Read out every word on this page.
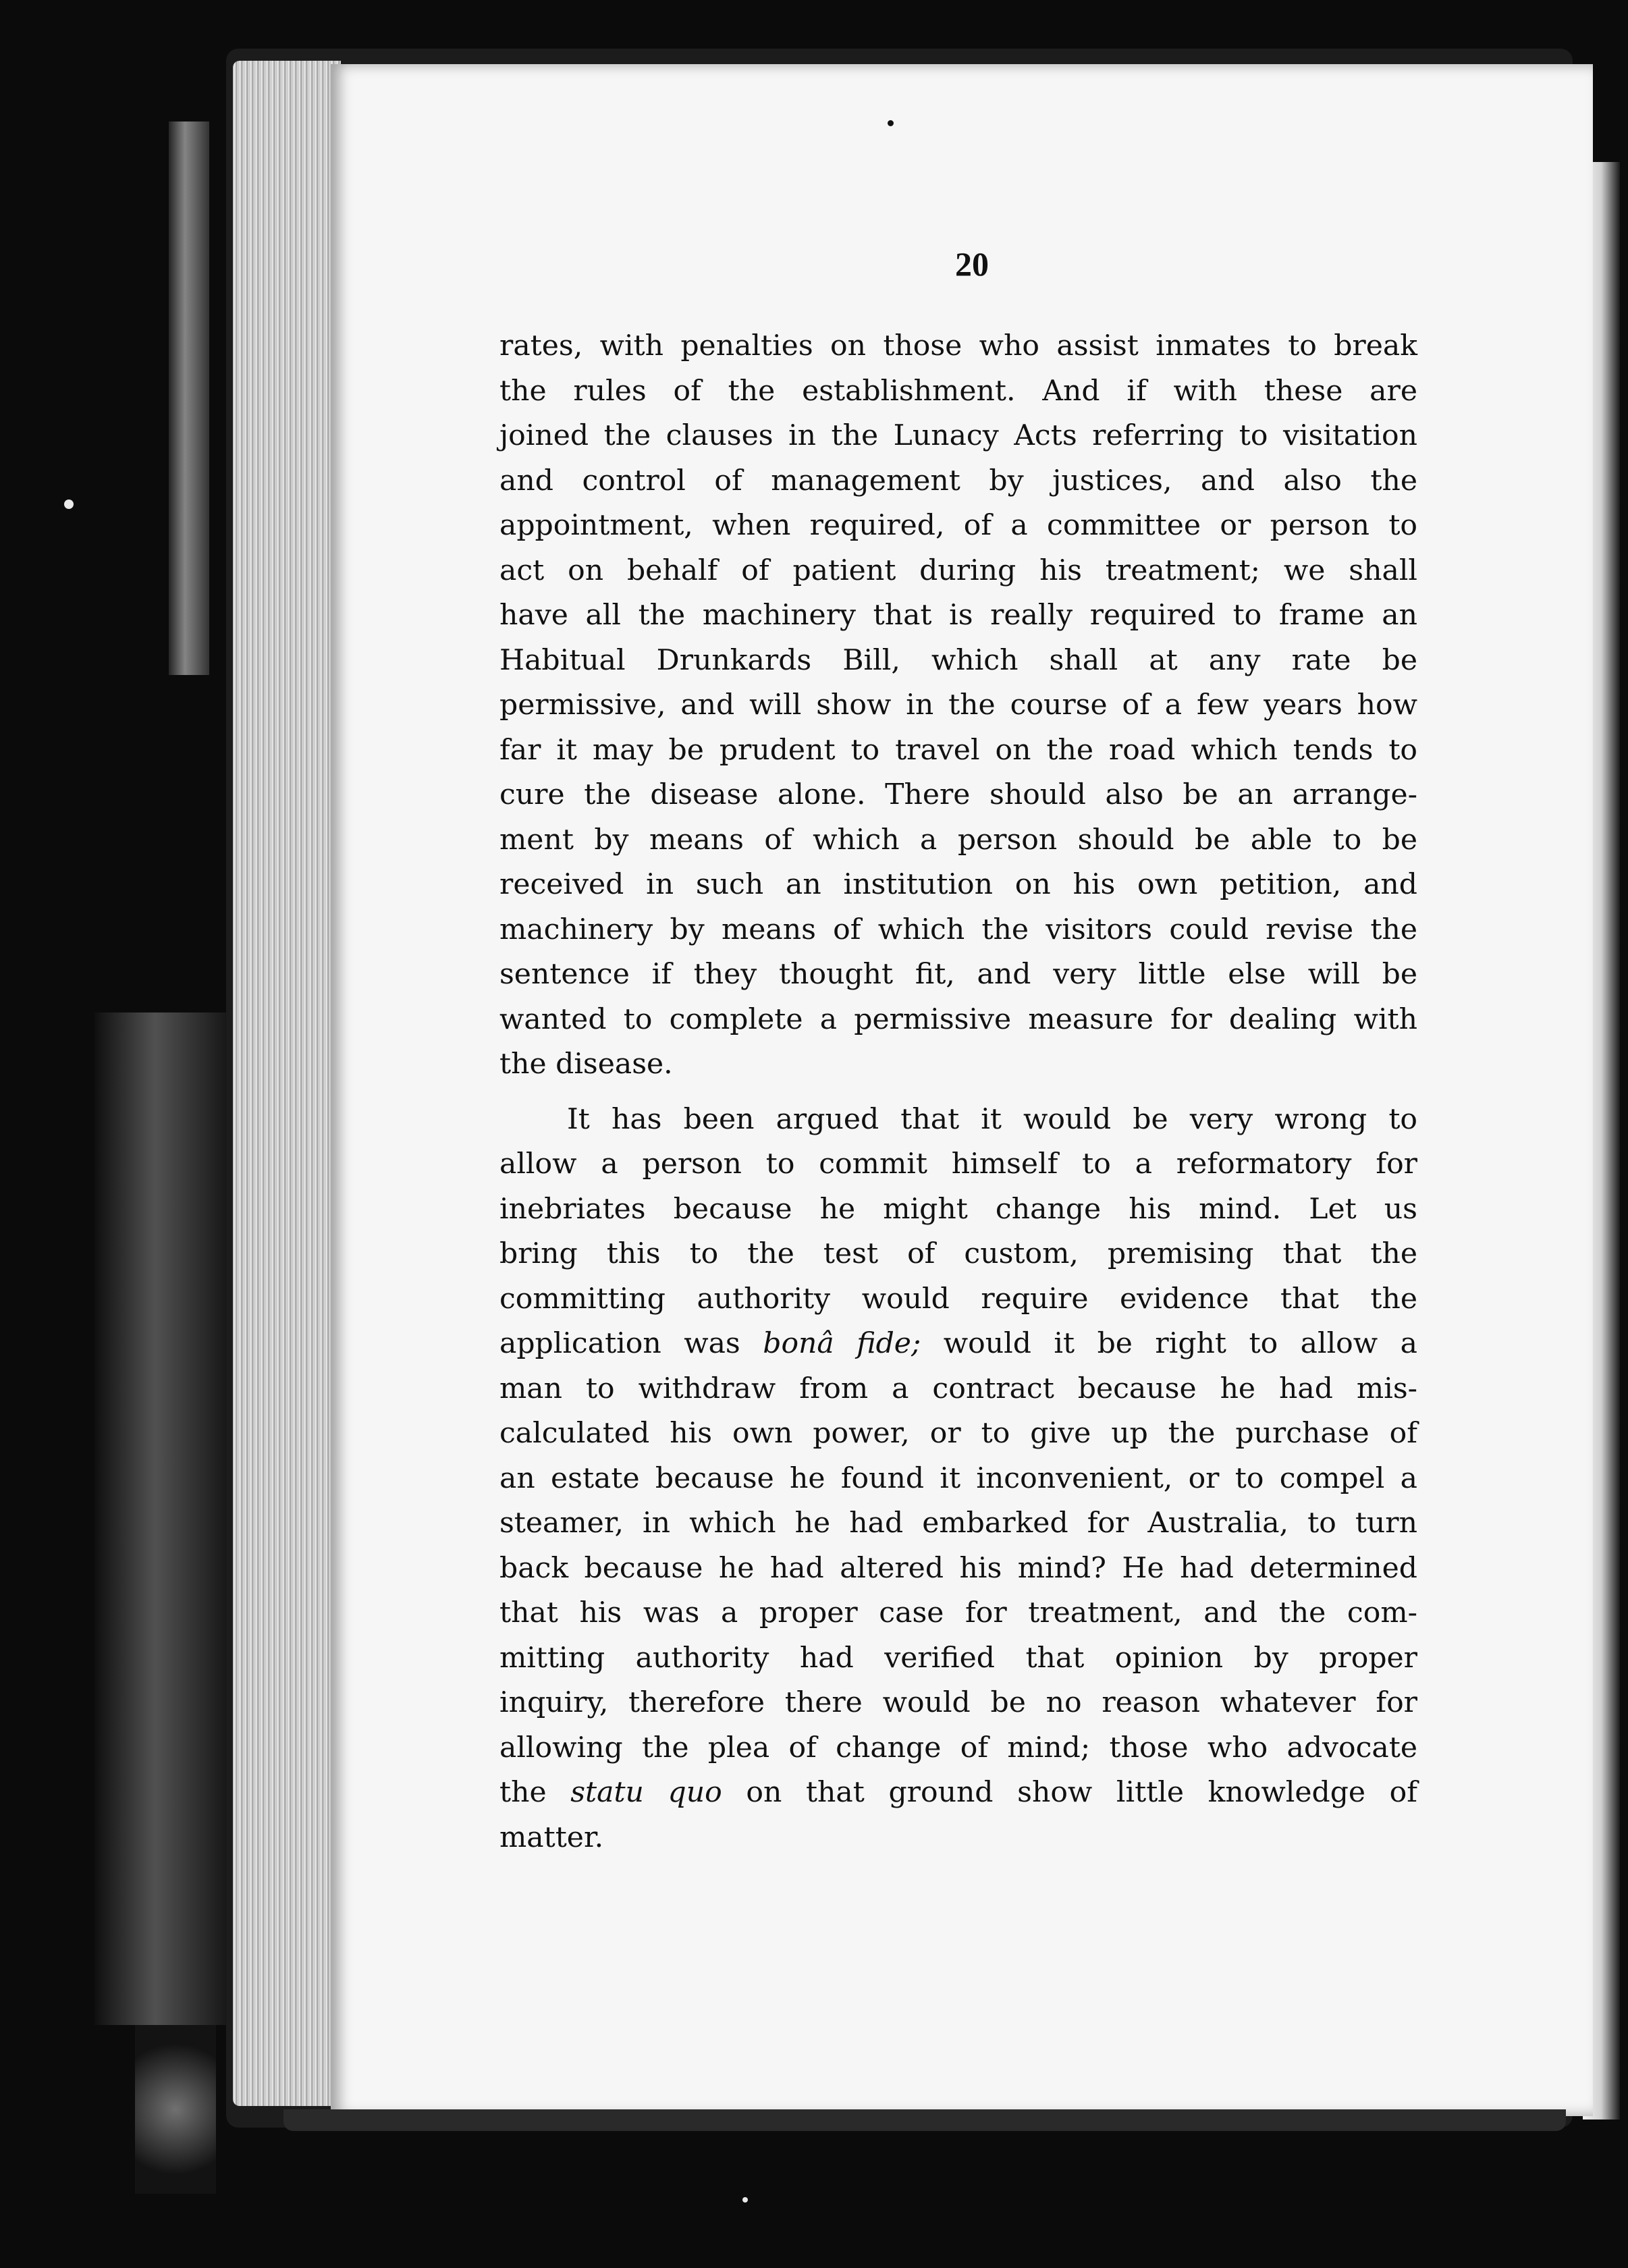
20
rates, with penalties on those who assist inmates to break
the rules of the establishment. And if with these are
joined the clauses in the Lunacy Acts referring to visitation
and control of management by justices, and also the
appointment, when required, of a committee or person to
act on behalf of patient during his treatment; we shall
have all the machinery that is really required to frame an
Habitual Drunkards Bill, which shall at any rate be
permissive, and will show in the course of a few years how
far it may be prudent to travel on the road which tends to
cure the disease alone. There should also be an arrange-
ment by means of which a person should be able to be
received in such an institution on his own petition, and
machinery by means of which the visitors could revise the
sentence if they thought fit, and very little else will be
wanted to complete a permissive measure for dealing with
the disease.
It has been argued that it would be very wrong to
allow a person to commit himself to a reformatory for
inebriates because he might change his mind. Let us
bring this to the test of custom, premising that the
committing authority would require evidence that the
application was bonâ fide; would it be right to allow a
man to withdraw from a contract because he had mis-
calculated his own power, or to give up the purchase of
an estate because he found it inconvenient, or to compel a
steamer, in which he had embarked for Australia, to turn
back because he had altered his mind? He had determined
that his was a proper case for treatment, and the com-
mitting authority had verified that opinion by proper
inquiry, therefore there would be no reason whatever for
allowing the plea of change of mind; those who advocate
the statu quo on that ground show little knowledge of
matter.
